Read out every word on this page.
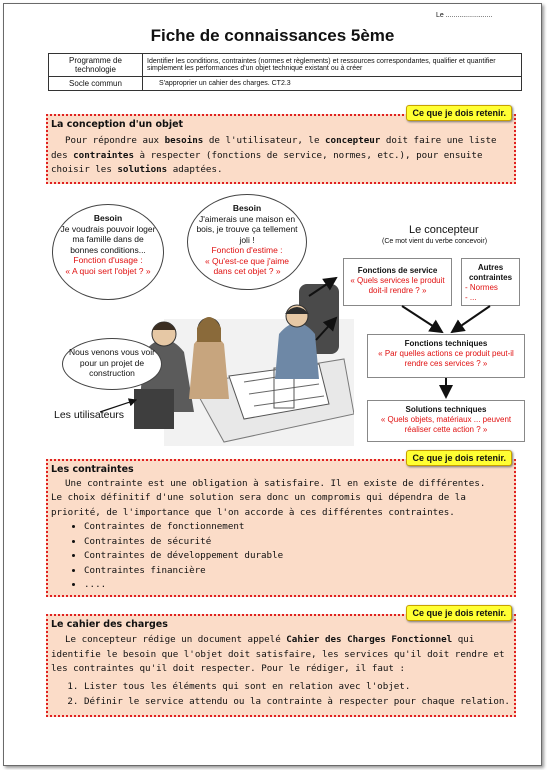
Le ........................
Fiche de connaissances 5ème
Programme de technologie	Identifier les conditions, contraintes (normes et règlements) et ressources correspondantes, qualifier et quantifier simplement les performances d'un objet technique existant ou à créer
Socle commun	S'approprier un cahier des charges. CT2.3
Ce que je dois retenir.
La conception d'un objet

Pour répondre aux besoins de l'utilisateur, le concepteur doit faire une liste des contraintes à respecter (fonctions de service, normes, etc.), pour ensuite choisir les solutions adaptées.

Besoin
Je voudrais pouvoir loger ma famille dans de bonnes conditions...
Fonction d'usage :
« A quoi sert l'objet ? »
Besoin
J'aimerais une maison en bois, je trouve ça tellement joli !
Fonction d'estime :
« Qu'est-ce que j'aime dans cet objet ? »
Nous venons vous voir pour un projet de construction
Les utilisateurs
Le concepteur
(Ce mot vient du verbe concevoir)
Fonctions de service
« Quels services le produit doit-il rendre ? »
Autres contraintes
- Normes
- ...
Fonctions techniques
« Par quelles actions ce produit peut-il rendre ces services ? »
Solutions techniques
« Quels objets, matériaux ... peuvent réaliser cette action ? »
Ce que je dois retenir.
Les contraintes

Une contrainte est une obligation à satisfaire. Il en existe de différentes.

Le choix définitif d'une solution sera donc un compromis qui dépendra de la priorité, de l'importance que l'on accorde à ces différentes contraintes.

• Contraintes de fonctionnement
• Contraintes de sécurité
• Contraintes de développement durable
• Contraintes financière
• ....
Ce que je dois retenir.
Le cahier des charges

Le concepteur rédige un document appelé Cahier des Charges Fonctionnel qui identifie le besoin que l'objet doit satisfaire, les services qu'il doit rendre et les contraintes qu'il doit respecter. Pour le rédiger, il faut :

1. Lister tous les éléments qui sont en relation avec l'objet.
2. Définir le service attendu ou la contrainte à respecter pour chaque relation.
